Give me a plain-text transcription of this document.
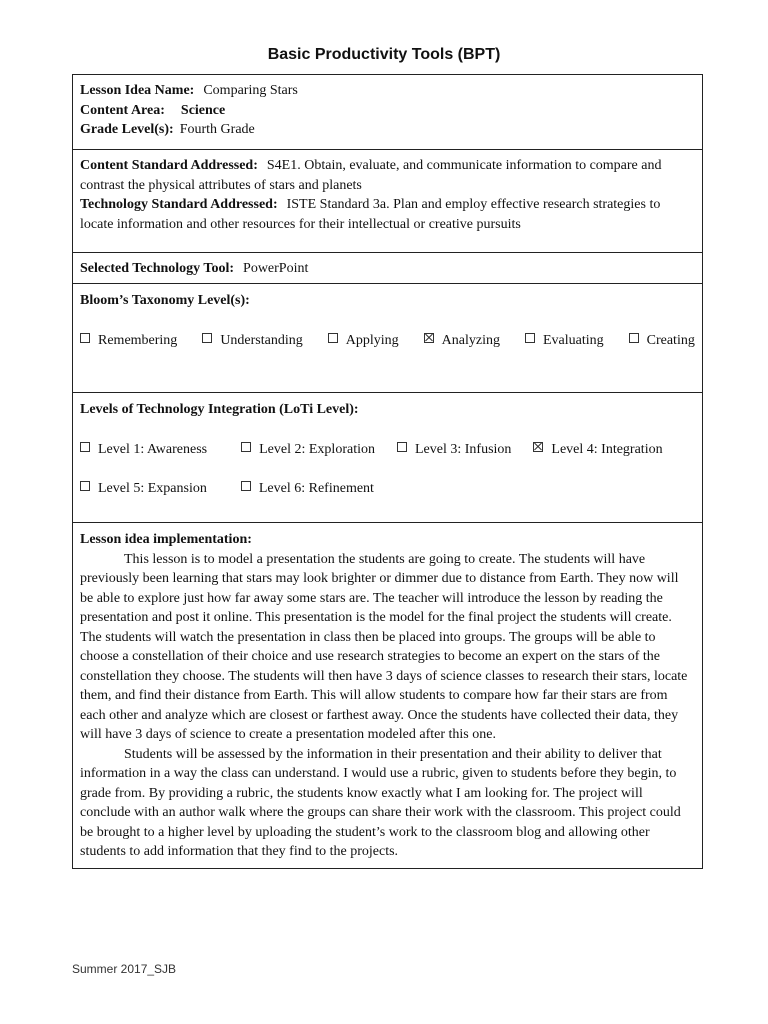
Basic Productivity Tools (BPT)
Lesson Idea Name: Comparing Stars
Content Area: Science
Grade Level(s): Fourth Grade
Content Standard Addressed: S4E1. Obtain, evaluate, and communicate information to compare and contrast the physical attributes of stars and planets
Technology Standard Addressed: ISTE Standard 3a. Plan and employ effective research strategies to locate information and other resources for their intellectual or creative pursuits
Selected Technology Tool: PowerPoint
Bloom’s Taxonomy Level(s):
Remembering	Understanding	Applying	Analyzing	Evaluating	Creating
Levels of Technology Integration (LoTi Level):
Level 1: Awareness	Level 2: Exploration	Level 3: Infusion	Level 4: Integration
Level 5: Expansion	Level 6: Refinement
Lesson idea implementation:
This lesson is to model a presentation the students are going to create. The students will have previously been learning that stars may look brighter or dimmer due to distance from Earth. They now will be able to explore just how far away some stars are. The teacher will introduce the lesson by reading the presentation and post it online. This presentation is the model for the final project the students will create. The students will watch the presentation in class then be placed into groups. The groups will be able to choose a constellation of their choice and use research strategies to become an expert on the stars of the constellation they choose. The students will then have 3 days of science classes to research their stars, locate them, and find their distance from Earth. This will allow students to compare how far their stars are from each other and analyze which are closest or farthest away. Once the students have collected their data, they will have 3 days of science to create a presentation modeled after this one.
Students will be assessed by the information in their presentation and their ability to deliver that information in a way the class can understand. I would use a rubric, given to students before they begin, to grade from. By providing a rubric, the students know exactly what I am looking for. The project will conclude with an author walk where the groups can share their work with the classroom. This project could be brought to a higher level by uploading the student’s work to the classroom blog and allowing other students to add information that they find to the projects.
Summer 2017_SJB
